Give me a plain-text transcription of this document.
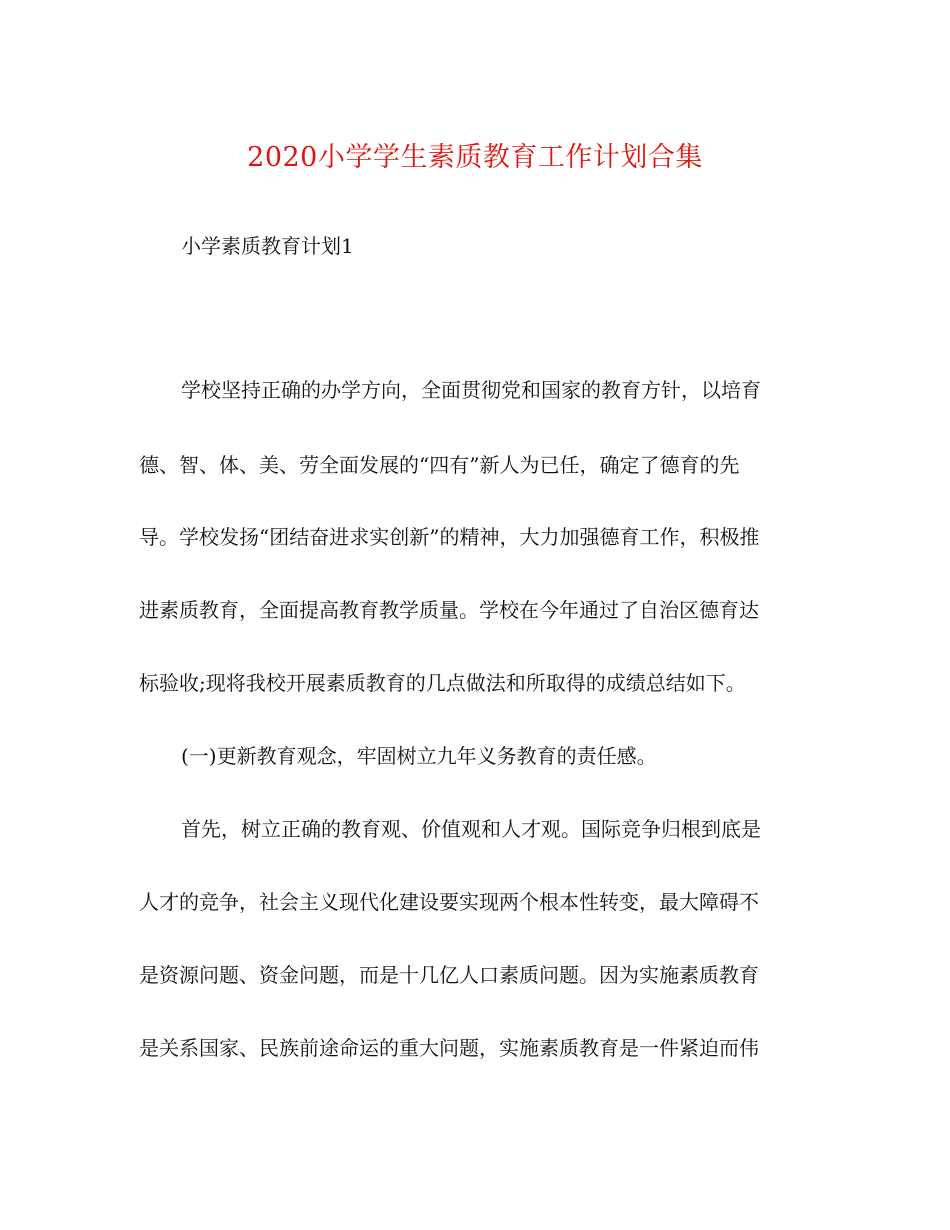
2020小学学生素质教育工作计划合集
小学素质教育计划1
学校坚持正确的办学方向，全面贯彻党和国家的教育方针，以培育
德、智、体、美、劳全面发展的“四有”新人为已任，确定了德育的先
导。学校发扬“团结奋进求实创新”的精神，大力加强德育工作，积极推
进素质教育，全面提高教育教学质量。学校在今年通过了自治区德育达
标验收;现将我校开展素质教育的几点做法和所取得的成绩总结如下。
(一)更新教育观念，牢固树立九年义务教育的责任感。
首先，树立正确的教育观、价值观和人才观。国际竞争归根到底是
人才的竞争，社会主义现代化建设要实现两个根本性转变，最大障碍不
是资源问题、资金问题，而是十几亿人口素质问题。因为实施素质教育
是关系国家、民族前途命运的重大问题，实施素质教育是一件紧迫而伟
